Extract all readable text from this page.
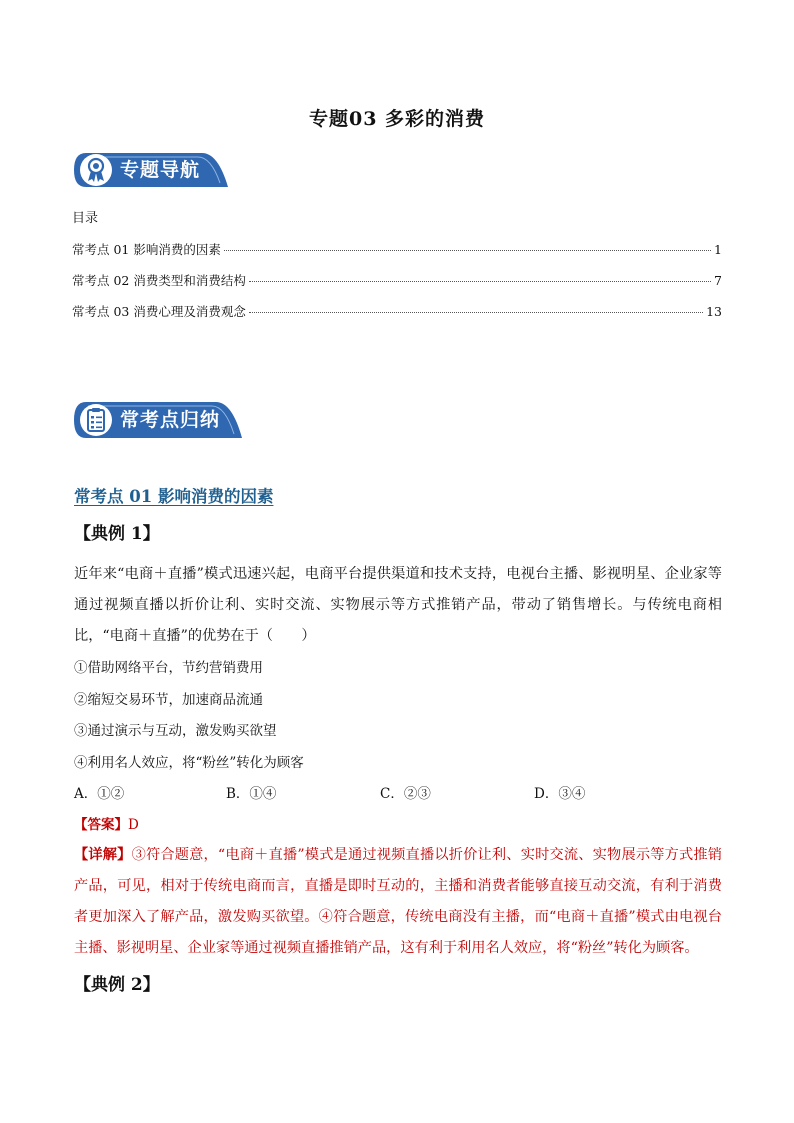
专题03 多彩的消费
专题导航
目录
常考点 01 影响消费的因素	1
常考点 02 消费类型和消费结构	7
常考点 03 消费心理及消费观念	13
常考点归纳
常考点 01 影响消费的因素
【典例 1】
近年来“电商＋直播”模式迅速兴起，电商平台提供渠道和技术支持，电视台主播、影视明星、企业家等通过视频直播以折价让利、实时交流、实物展示等方式推销产品，带动了销售增长。与传统电商相比，“电商＋直播”的优势在于（　　）
①借助网络平台，节约营销费用
②缩短交易环节，加速商品流通
③通过演示与互动，激发购买欲望
④利用名人效应，将“粉丝”转化为顾客
A．①②	B．①④	C．②③	D．③④
【答案】D
【详解】③符合题意，“电商＋直播”模式是通过视频直播以折价让利、实时交流、实物展示等方式推销产品，可见，相对于传统电商而言，直播是即时互动的，主播和消费者能够直接互动交流，有利于消费者更加深入了解产品，激发购买欲望。④符合题意，传统电商没有主播，而“电商＋直播”模式由电视台主播、影视明星、企业家等通过视频直播推销产品，这有利于利用名人效应，将“粉丝”转化为顾客。
【典例 2】
